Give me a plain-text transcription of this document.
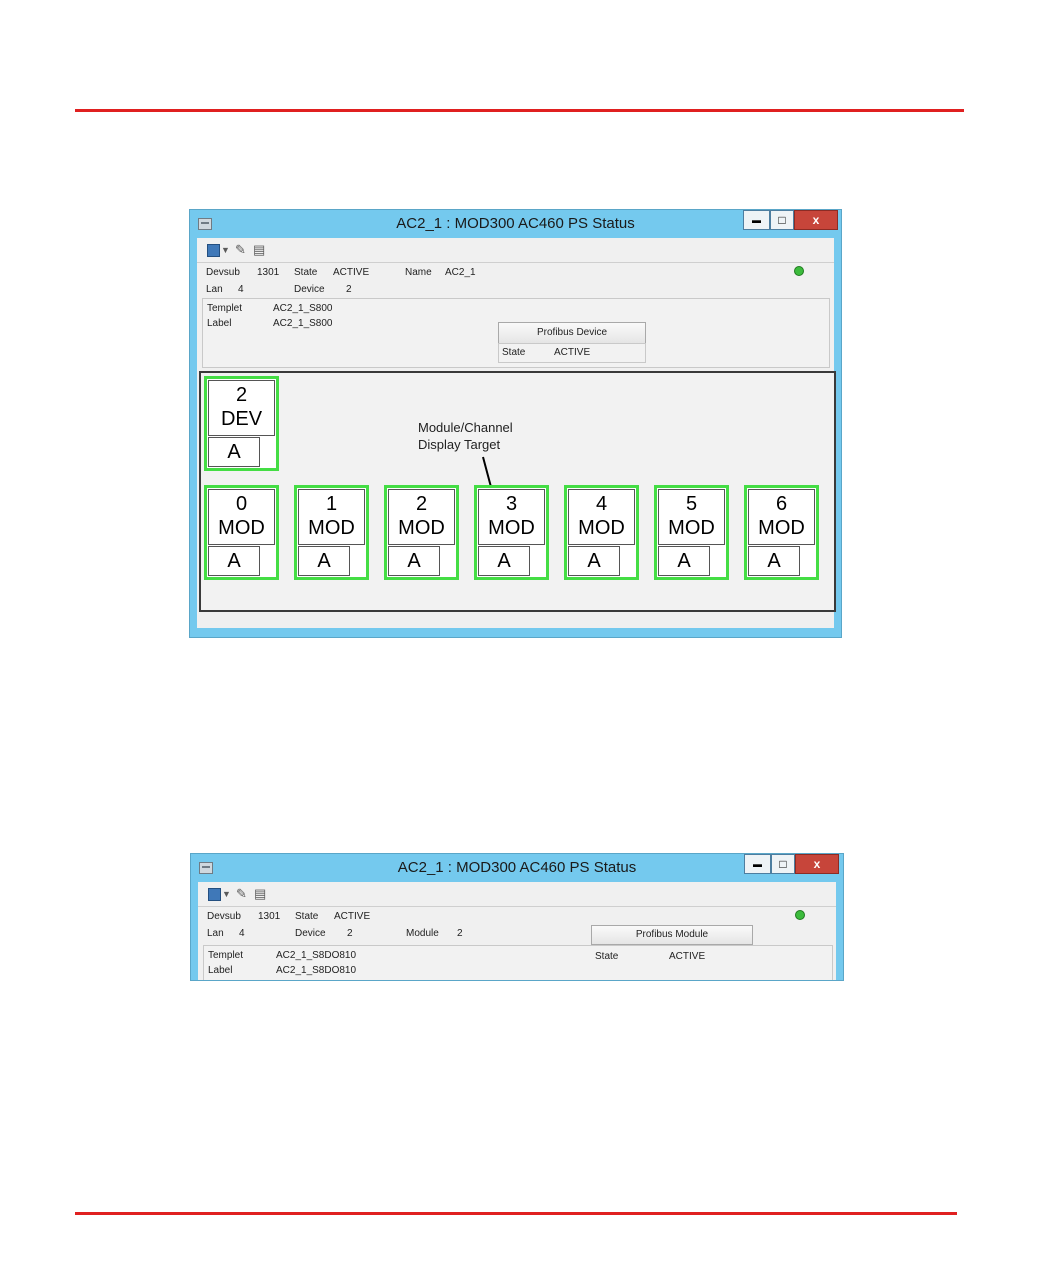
AC2_1 : MOD300 AC460 PS Status	▬	□	x
▼ ✎ ▤
Devsub 1301 State ACTIVE	Name AC2_1
Lan 4	Device 2
Templet	AC2_1_S800
Label	AC2_1_S800
Profibus Device
State	ACTIVE
2
DEV
A
Module/Channel
Display Target
0
MOD
A
1
MOD
A
2
MOD
A
3
MOD
A
4
MOD
A
5
MOD
A
6
MOD
A
AC2_1 : MOD300 AC460 PS Status	▬	□	x
▼ ✎ ▤
Devsub 1301 State ACTIVE
Lan 4	Device 2	Module 2	Profibus Module
Templet	AC2_1_S8DO810
Label	AC2_1_S8DO810
State	ACTIVE
